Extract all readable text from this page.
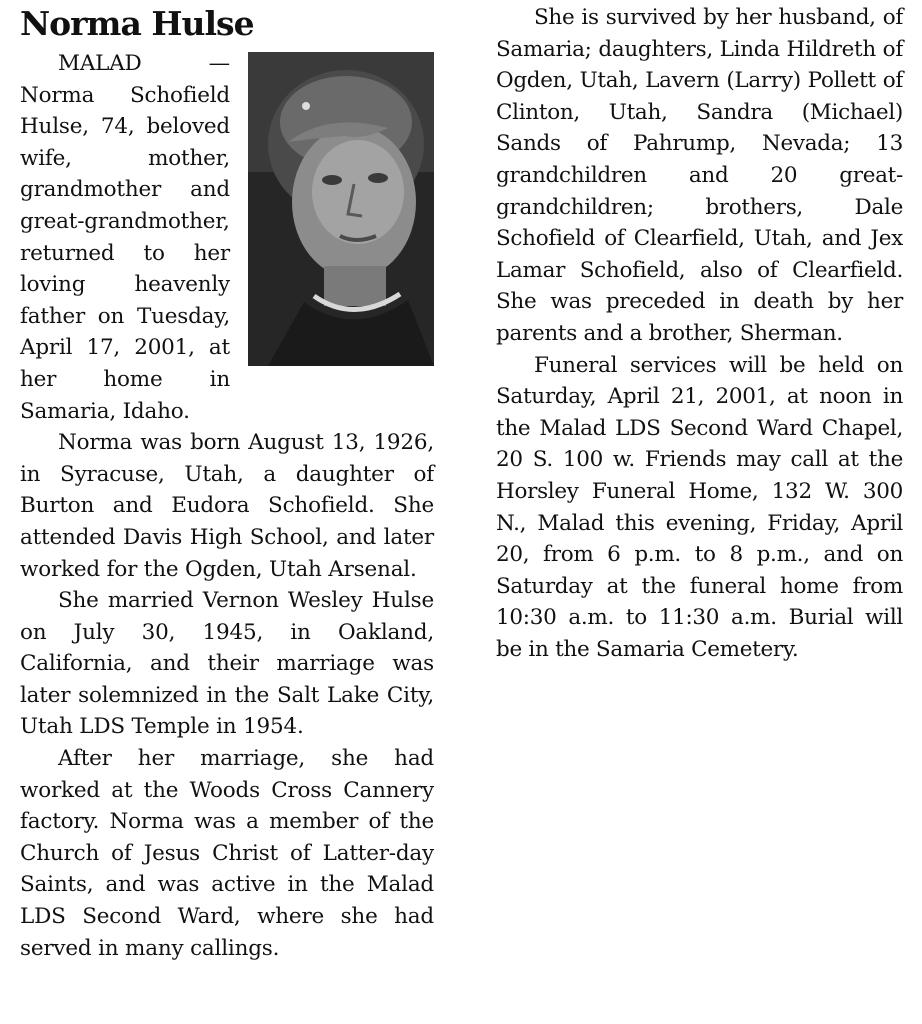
Norma Hulse

MALAD — Norma Schofield Hulse, 74, beloved wife, mother, grandmother and great-grandmother, returned to her loving heavenly father on Tuesday, April 17, 2001, at her home in Samaria, Idaho.

Norma was born August 13, 1926, in Syracuse, Utah, a daughter of Burton and Eudora Schofield. She attended Davis High School, and later worked for the Ogden, Utah Arsenal.

She married Vernon Wesley Hulse on July 30, 1945, in Oakland, California, and their marriage was later solemnized in the Salt Lake City, Utah LDS Temple in 1954.

After her marriage, she had worked at the Woods Cross Cannery factory. Norma was a member of the Church of Jesus Christ of Latter-day Saints, and was active in the Malad LDS Second Ward, where she had served in many callings.

She is survived by her husband, of Samaria; daughters, Linda Hildreth of Ogden, Utah, Lavern (Larry) Pollett of Clinton, Utah, Sandra (Michael) Sands of Pahrump, Nevada; 13 grandchildren and 20 great-grandchildren; brothers, Dale Schofield of Clearfield, Utah, and Jex Lamar Schofield, also of Clearfield. She was preceded in death by her parents and a brother, Sherman.

Funeral services will be held on Saturday, April 21, 2001, at noon in the Malad LDS Second Ward Chapel, 20 S. 100 w. Friends may call at the Horsley Funeral Home, 132 W. 300 N., Malad this evening, Friday, April 20, from 6 p.m. to 8 p.m., and on Saturday at the funeral home from 10:30 a.m. to 11:30 a.m. Burial will be in the Samaria Cemetery.
